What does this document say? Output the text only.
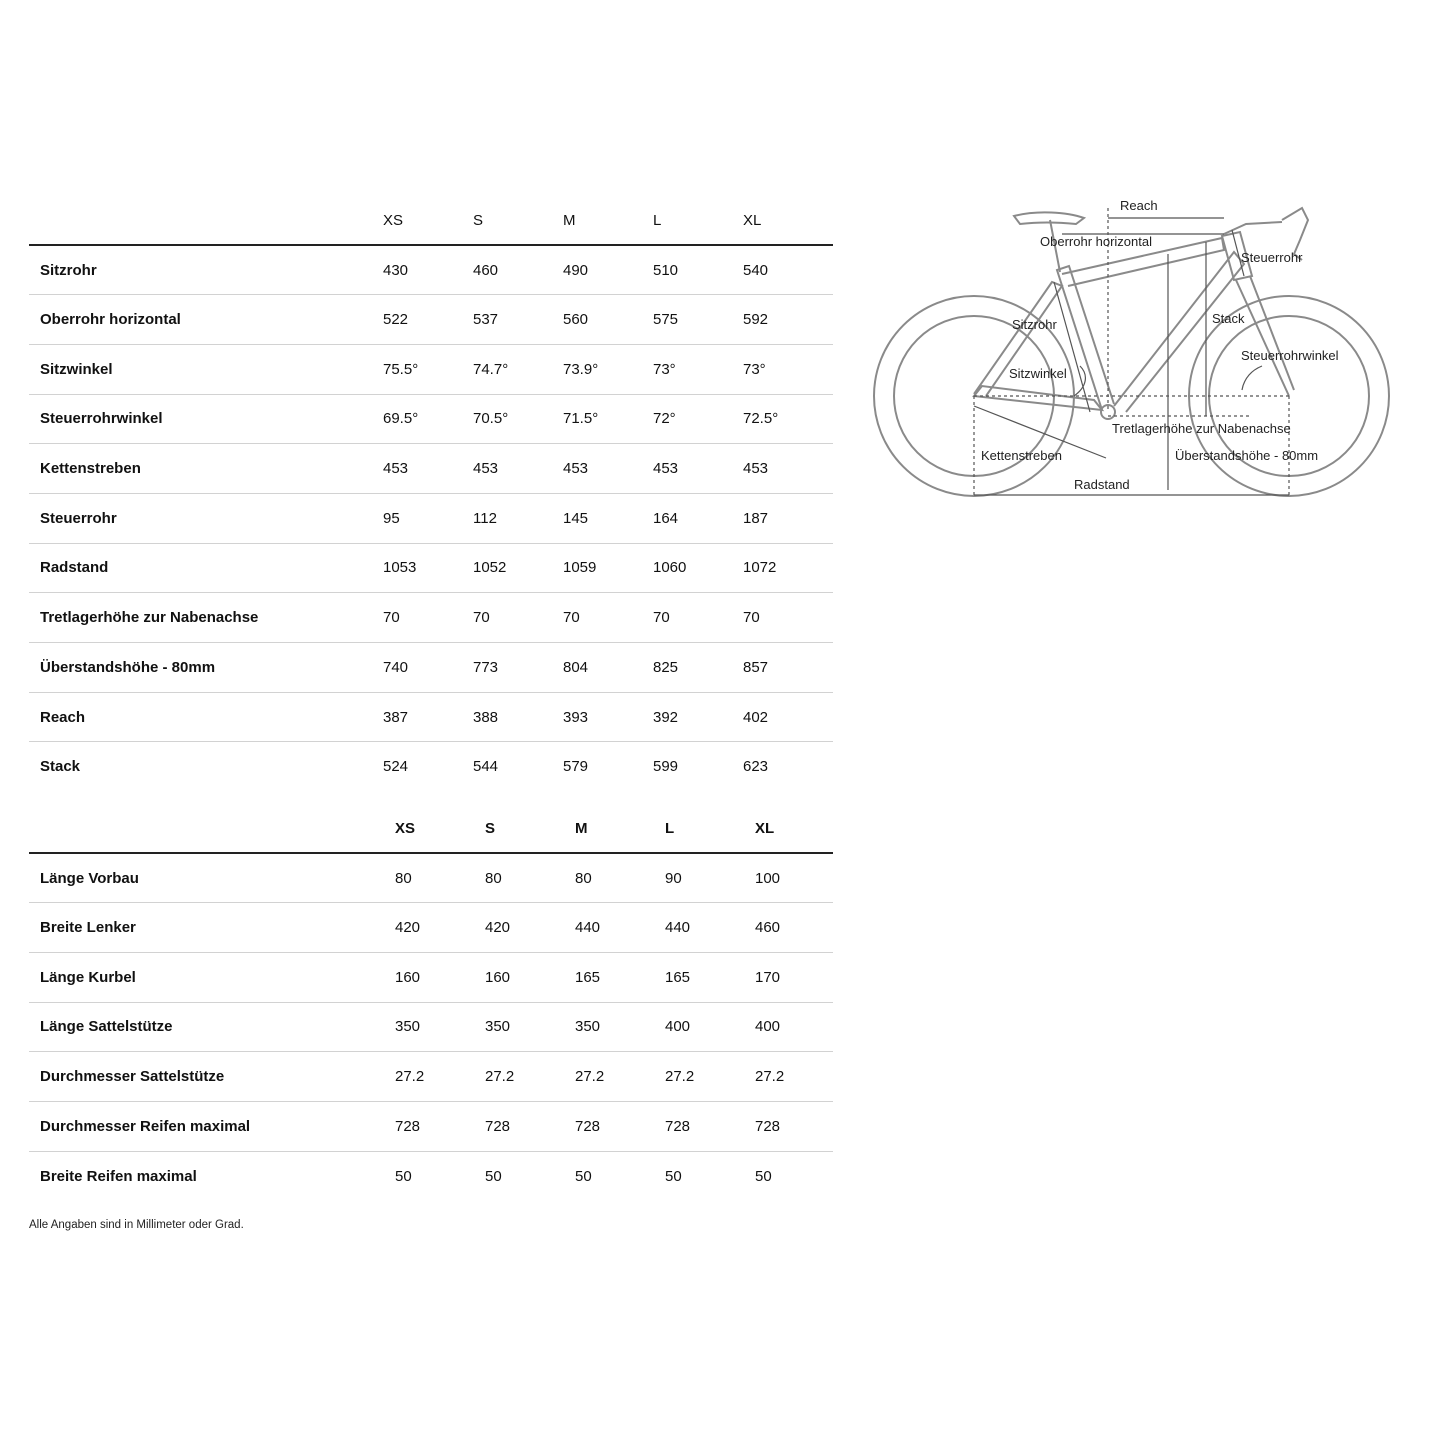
	XS	S	M	L	XL
Sitzrohr	430	460	490	510	540
Oberrohr horizontal	522	537	560	575	592
Sitzwinkel	75.5°	74.7°	73.9°	73°	73°
Steuerrohrwinkel	69.5°	70.5°	71.5°	72°	72.5°
Kettenstreben	453	453	453	453	453
Steuerrohr	95	112	145	164	187
Radstand	1053	1052	1059	1060	1072
Tretlagerhöhe zur Nabenachse	70	70	70	70	70
Überstandshöhe - 80mm	740	773	804	825	857
Reach	387	388	393	392	402
Stack	524	544	579	599	623
	XS	S	M	L	XL
Länge Vorbau	80	80	80	90	100
Breite Lenker	420	420	440	440	460
Länge Kurbel	160	160	165	165	170
Länge Sattelstütze	350	350	350	400	400
Durchmesser Sattelstütze	27.2	27.2	27.2	27.2	27.2
Durchmesser Reifen maximal	728	728	728	728	728
Breite Reifen maximal	50	50	50	50	50
Alle Angaben sind in Millimeter oder Grad.
Reach
Oberrohr horizontal
Steuerrohr
Sitzrohr	Stack
Steuerrohrwinkel
Sitzwinkel
Tretlagerhöhe zur Nabenachse
Kettenstreben	Überstandshöhe - 80mm
Radstand
